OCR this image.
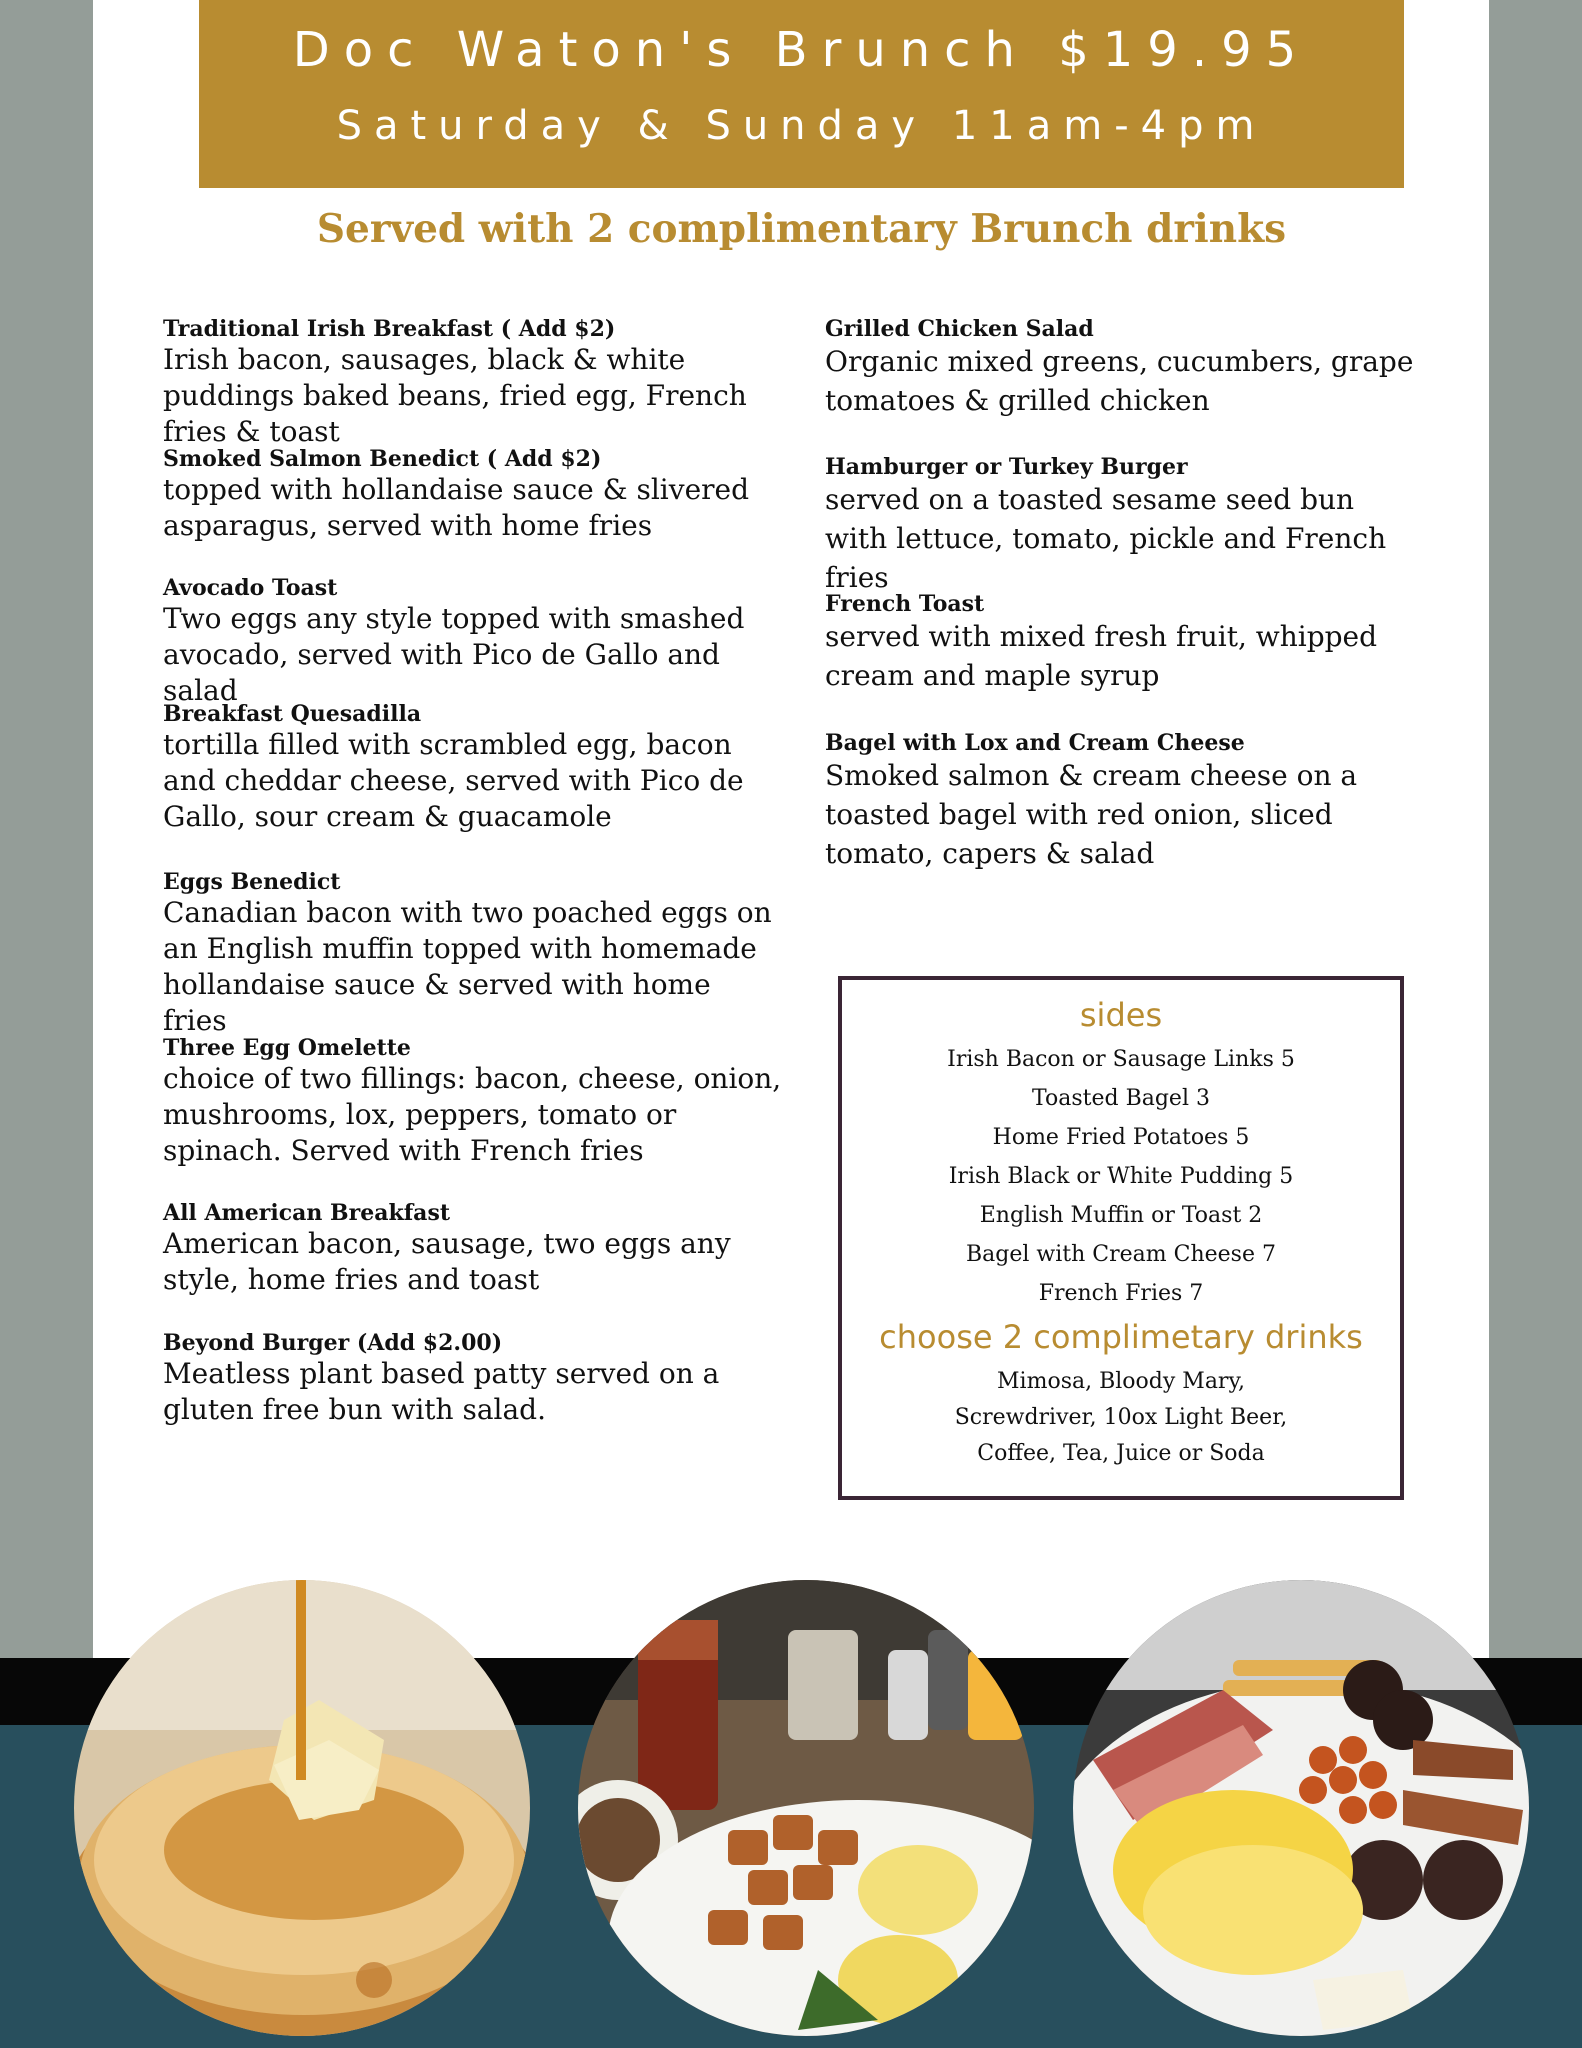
Doc Waton's Brunch $19.95
Saturday & Sunday 11am-4pm
Served with 2 complimentary Brunch drinks
Traditional Irish Breakfast ( Add $2)
Irish bacon, sausages, black & white puddings baked beans, fried egg, French fries & toast
Smoked Salmon Benedict ( Add $2)
topped with hollandaise sauce & slivered asparagus, served with home fries
Avocado Toast
Two eggs any style topped with smashed avocado, served with Pico de Gallo and salad
Breakfast Quesadilla
tortilla filled with scrambled egg, bacon and cheddar cheese, served with Pico de Gallo, sour cream & guacamole
Eggs Benedict
Canadian bacon with two poached eggs on an English muffin topped with homemade hollandaise sauce & served with home fries
Three Egg Omelette
choice of two fillings: bacon, cheese, onion, mushrooms, lox, peppers, tomato or spinach. Served with French fries
All American Breakfast
American bacon, sausage, two eggs any style, home fries and toast
Beyond Burger (Add $2.00)
Meatless plant based patty served on a gluten free bun with salad.
Grilled Chicken Salad
Organic mixed greens, cucumbers, grape tomatoes & grilled chicken
Hamburger or Turkey Burger
served on a toasted sesame seed bun with lettuce, tomato, pickle and French fries
French Toast
served with mixed fresh fruit, whipped cream and maple syrup
Bagel with Lox and Cream Cheese
Smoked salmon & cream cheese on a toasted bagel with red onion, sliced tomato, capers & salad
sides
Irish Bacon or Sausage Links 5
Toasted Bagel 3
Home Fried Potatoes 5
Irish Black or White Pudding 5
English Muffin or Toast 2
Bagel with Cream Cheese 7
French Fries 7
choose 2 complimetary drinks
Mimosa, Bloody Mary,
Screwdriver, 10ox Light Beer,
Coffee, Tea, Juice or Soda
